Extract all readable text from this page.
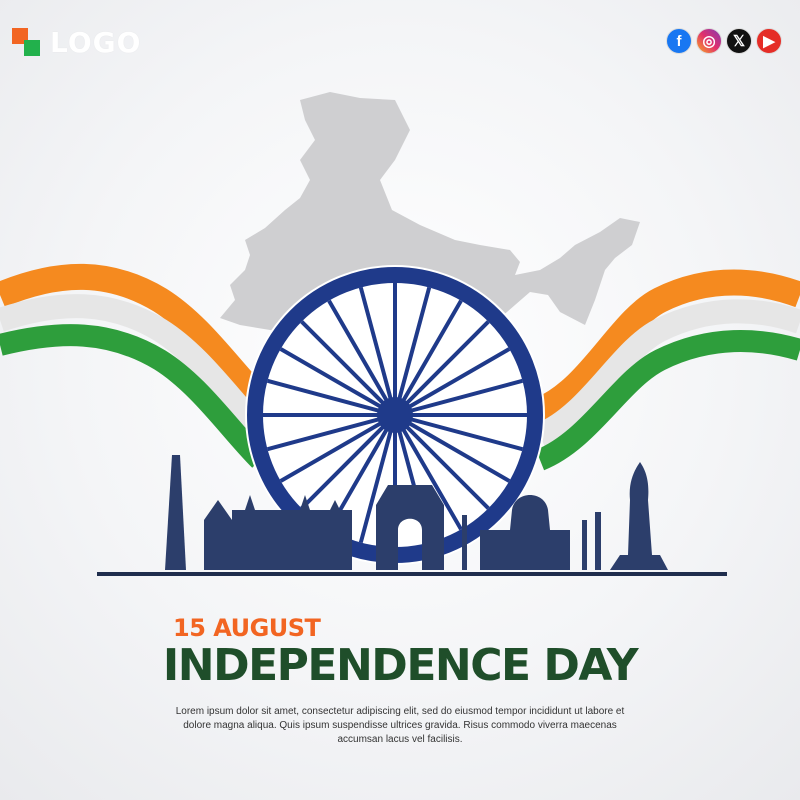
LOGO	f	◎	𝕏	▶
15 AUGUST
INDEPENDENCE DAY
Lorem ipsum dolor sit amet, consectetur adipiscing elit, sed do eiusmod tempor incididunt ut labore et dolore magna aliqua. Quis ipsum suspendisse ultrices gravida. Risus commodo viverra maecenas accumsan lacus vel facilisis.
